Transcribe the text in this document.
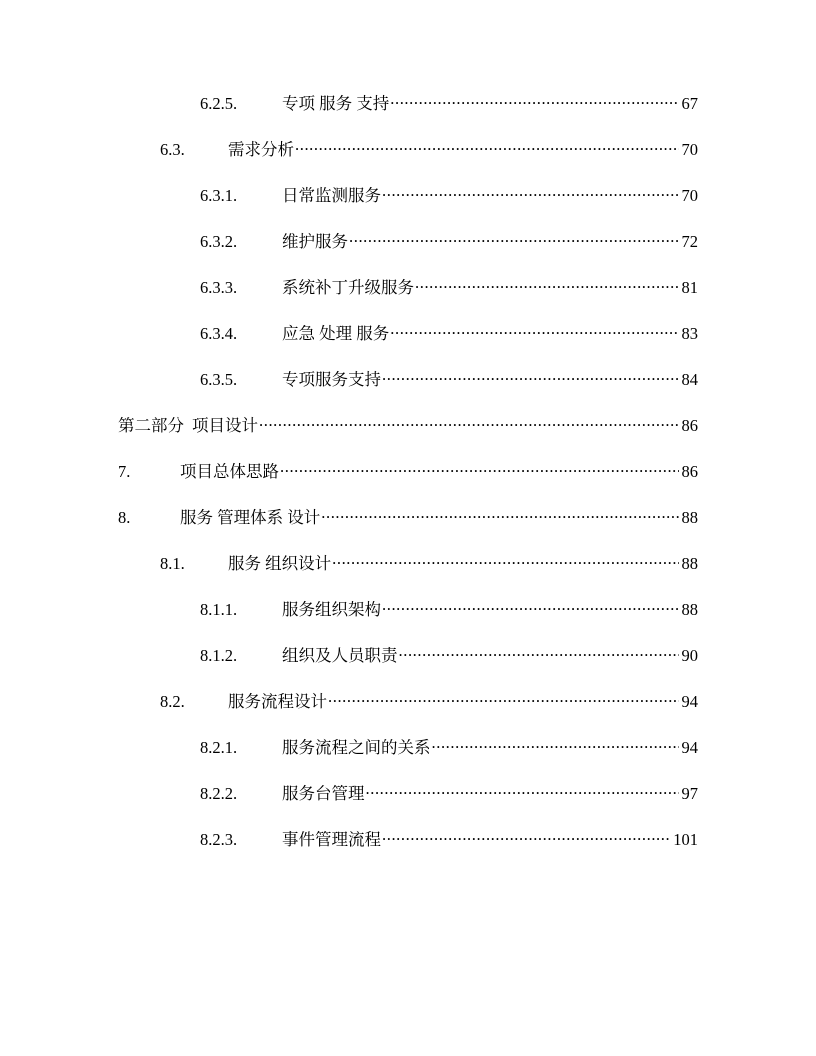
6.2.5.	专项 服务 支持 .....	67
6.3.	需求分析 .....	70
6.3.1.	日常监测服务 .....	70
6.3.2.	维护服务 .....	72
6.3.3.	系统补丁升级服务 .....	81
6.3.4.	应急 处理 服务 .....	83
6.3.5.	专项服务支持 .....	84
第二部分 项目设计 .....	86
7.	项目总体思路 .....	86
8.	服务 管理体系 设计 .....	88
8.1.	服务 组织设计 .....	88
8.1.1.	服务组织架构 .....	88
8.1.2.	组织及人员职责 .....	90
8.2.	服务流程设计 .....	94
8.2.1.	服务流程之间的关系 .....	94
8.2.2.	服务台管理 .....	97
8.2.3.	事件管理流程 .....	101
